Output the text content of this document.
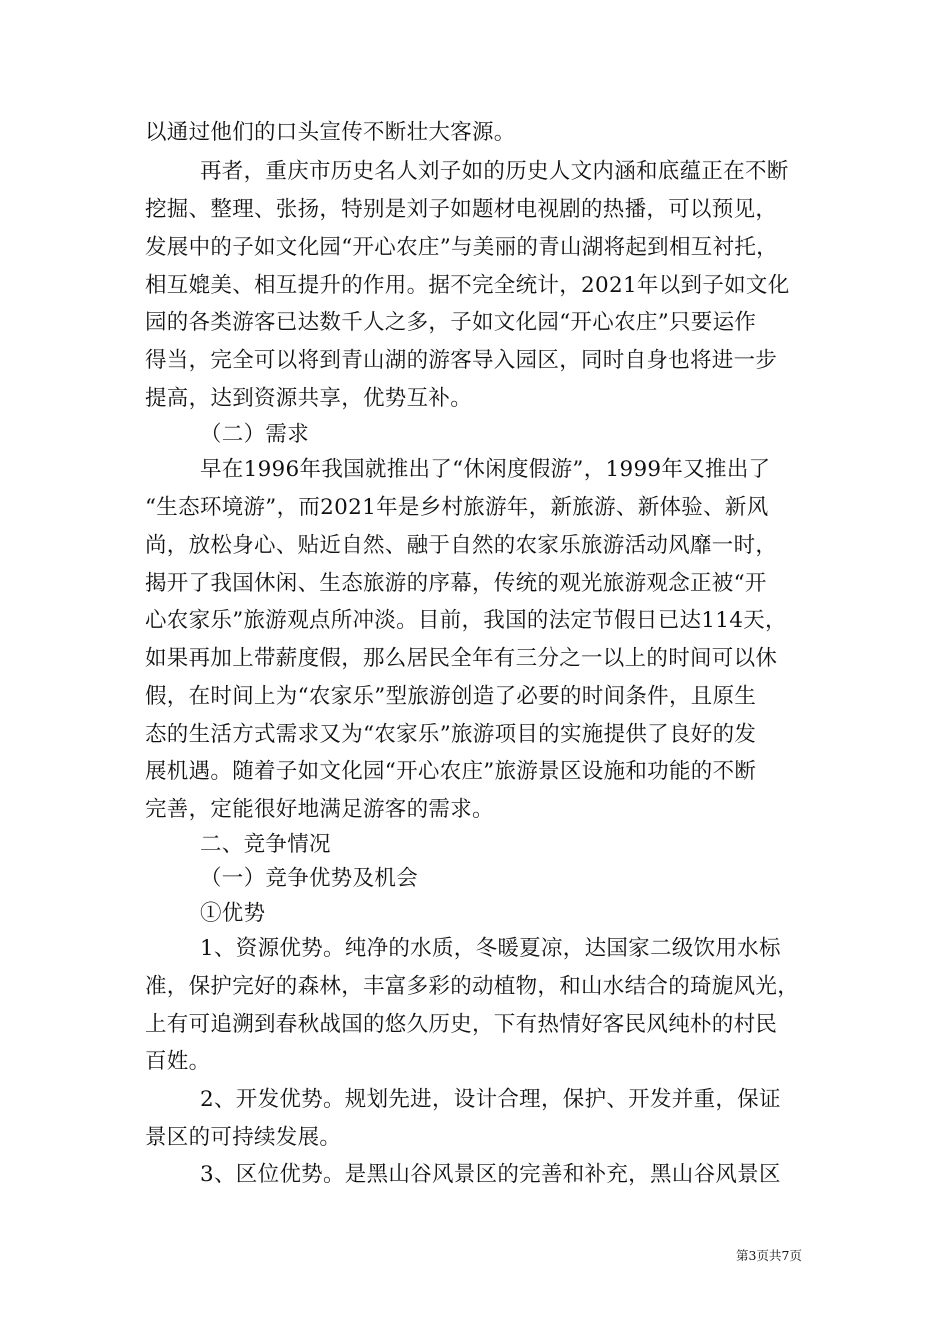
以通过他们的口头宣传不断壮大客源。
再者，重庆市历史名人刘子如的历史人文内涵和底蕴正在不断
挖掘、整理、张扬，特别是刘子如题材电视剧的热播，可以预见，
发展中的子如文化园“开心农庄”与美丽的青山湖将起到相互衬托，
相互媲美、相互提升的作用。据不完全统计，2021年以到子如文化
园的各类游客已达数千人之多，子如文化园“开心农庄”只要运作
得当，完全可以将到青山湖的游客导入园区，同时自身也将进一步
提高，达到资源共享，优势互补。
（二）需求
早在1996年我国就推出了“休闲度假游”，1999年又推出了
“生态环境游”，而2021年是乡村旅游年，新旅游、新体验、新风
尚，放松身心、贴近自然、融于自然的农家乐旅游活动风靡一时，
揭开了我国休闲、生态旅游的序幕，传统的观光旅游观念正被“开
心农家乐”旅游观点所冲淡。目前，我国的法定节假日已达114天，
如果再加上带薪度假，那么居民全年有三分之一以上的时间可以休
假，在时间上为“农家乐”型旅游创造了必要的时间条件，且原生
态的生活方式需求又为“农家乐”旅游项目的实施提供了良好的发
展机遇。随着子如文化园“开心农庄”旅游景区设施和功能的不断
完善，定能很好地满足游客的需求。
二、竞争情况
（一）竞争优势及机会
①优势
1、资源优势。纯净的水质，冬暖夏凉，达国家二级饮用水标
准，保护完好的森林，丰富多彩的动植物，和山水结合的琦旎风光，
上有可追溯到春秋战国的悠久历史，下有热情好客民风纯朴的村民
百姓。
2、开发优势。规划先进，设计合理，保护、开发并重，保证
景区的可持续发展。
3、区位优势。是黑山谷风景区的完善和补充，黑山谷风景区
第3页共7页
